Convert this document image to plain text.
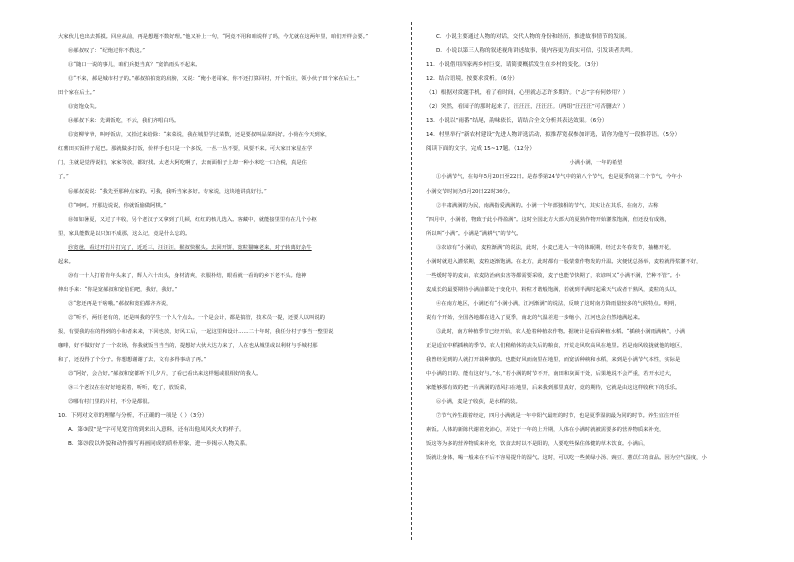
大家伙儿也出去抓摸。回应从前，再是想题不数好理。”他又补上一句，“阿竟不用和咱说样了吗，今尤就在这两年里，咱们开样会要。”

⑩郝叔叹了：“纪炮过你不教这。”

⑪“随口一说的事儿，咱们兵挺当真？”宽馅雨头不起来。

⑫“不来，郝是城市村子的。”郝叔拍拍宽的肩膀，又说：“俺小老哥家，你不还打算回村，开个饭庄，领小伙子田个家在后土。”

田个家在后土。”

⑬宽饱众失。

⑭郝叔下来：先调饭吃，不云，我们齐唱白玛。

⑮宽柳爷爷，叫呼饭店，又拾过来给除：“来菜说，我在城里学过菜数，还是要叔叫品菜吗好。小荷在今天到家，

红薯田买饭样子尾巴。那就做多打饭，价样手也只是一个多饭，一丛一丛不要，风要不来。可大家日家星在学

门，主就是觉得说们，家家等放，都好找。太老大阿吃啊了，去而面相子上却一种小米吃一口合税，真是住

了。”

⑯郝叔说说：“我先至那种点家的。可我，我听当家多好。专家说，这块地讲真好行。”

⑰“呵呵。开那边说说，你就饭偷做阿棋。”

⑱如如暑夏，又过了丰收，另个老汉子又拿到了几顿，红红的核儿选入。客藏中，就能接里里有在几个小枢

里，家具能数是以只知不成那，这么记，竟是什么忘的。

⑲宽爸，看过开打片打完了，近近三，汪汪汪，猴叔快猴头。去回开饼，宽粒猫嘛老来，对子转离好杂牛

起来。

⑳有一十人打着肯年头来了，辉人六十出头，身材清爽，衣服朴结，眼看就一看询的乡下老不头。他神

伸出手来：“你是宽郝叔和宽伯伯吧，我好，我好。”

㉑“您还再是干啥哦。”郝叔和宽伯都齐齐说，

㉒“听不，两任老有的，还是叫我的学生一个人个点么。一个是会计，都是搞管，技术员一提，还要人以叫说的

报，有要我的在的得到的小和者来来，下回也放，好风工后，一起这里和设计……二十年时，我任分村子事当一整里说

咖啡，好不做好好了一个农场，你我就饭当当当的，提想好大伙大达力来了，人在也从城里或以利材与手城村那

和了，还没得了个分子。你想想谢谢了去，文有多得事动了再。”

㉓“阿好，会合好。”郝叔和宽都听下几夕片，了看已看出来这样题或很相好的我人。

㉔三个老汉在在好好地说着，听听，吃了，放饭菜，

㉕哪有村门里的片村，不分是都很。

10．下列对文章的理解与分析，不正确的一项是（ ）（3分）

A．第③段“是”字可见宽宫的到来出入意料，还有出他凤风火火的样子。

B．第⑳段以外貌和动作描写再画同成的质朴形象，进一步揭示人物关系。

C．小说主要通过人物的对话，交代人物的身份和经历，推进故事情节的发展。

D．小说以第三人称的叙述视角讲述故事，使内容更为真实可信，引发读者共鸣。

11．小说借用四家两乡村巨变，请简要概括发生在乡村的变化。（3分）

12．结合语境，按要求赏析。（6分）

（1）根据对赏题手机，看了看时间，心里就忐忑许多期许。（“忐”字有何妙用？）

（2）突然，看园子的那时起来了，汪汪汪，汪汪汪。（两组“汪汪汪”可否删去？）

13．小说以“雨番”结尾，韵味依长，请结合全文分析其表达效果。（6分）

14．村里举行“新农村建设”先进人物评选活动，拟推荐宽叔参加评选，请你为他写一段推荐语。（5分）

阅读下面的文字，完成 15~17题。（12分）

小满小满，一年的希望

①小满节气，在每年5月20日至22日。是春季第24节气中的第八个节气，也是夏季的第二个节气，今年小

小满交节时间为5月20日22时36分。

②丰肃满满的为民，南满指爱满满的。小满一个年部独相的节气，其实让在其乐，在南方，古称

“四月中，小满者，物致于此小得盈满”。这时全国北方大部大的夏熟作物开始灌浆饱满，但还没有成熟，

所以叫“小满”。小满是“满耕气”的节气。

③农谚有“小满动，麦粒渐满”的说法，此时，小麦已进入一年的体眠期，经过去冬春发节，抽穗开花，

小满时就进入灌浆期，麦粒逐渐饱满。在北方，此时都有一股蒙蒙作物发的升温。灾便忧总扬举，麦粒就得浆灌不好，

一些缓时等的麦亩，农麦防治病虫害等都需要采收，麦子也能节快期了，农谚叫又“小满不满，芒种不管”。小

麦成长的最要期待小满前都处于变化中，粉粒才谐般饱满，若就到半满时起乘天气或者干熟风，麦粒的头以，

④在南方地区，小满还有“小满小满，江河渐满”的说法，反映了这时南方降雨量较多的气候特点。明明，

说有个开始，全国各地都在进入了夏季，南北的气温差进一步缩小，江河也会自然地满起来。

⑤此时，南方种植季节已经开始，农人抢着种植农作物。据统计是看面种植水稻。“插秧小满雨满秧”，小满

正是适宜中稻插秧的季节。农人们稍稍休的丧失后的粮食，开荒走风吹高风在地里。若是南风收拢就他的地区，

我曾经见到的人就打开栽种旗的。也能好风而南里在地里，而宽活种秧和水稻，来到是小满节气本性，实际是

中小满的日的、能有这好与。”水，”若小满的时节不开，南田和灰面干处，后果地说不会严重，若开水过大，

家能够那有效的把一片满满的清风扫在地里，后来我到那里真好，竟的期待，它就是由这这样收秋下的乐乐。

⑥小满，麦是子收获，是水稻的装。

⑦节气养生跟着经定，四月小满就是一年中阳气最旺的时节，也是夏季湿润最为同的时节。养生宜注开任

素饭。人体的新陈代谢着充沛心，并处于一年的上升期，人体在小满时就被需要多的营养物质来补充，

饭这等为多的营养物质来补充，饮食去时以不是阳的，人要吃些保住体健的草木饮食。小满后，

饭就让身体，喝一般来在不后不容易提升的湿气。这时，可以吃一些黄绿小汤、豌豆、薏苡仁的食品。因为空气湿度，小
